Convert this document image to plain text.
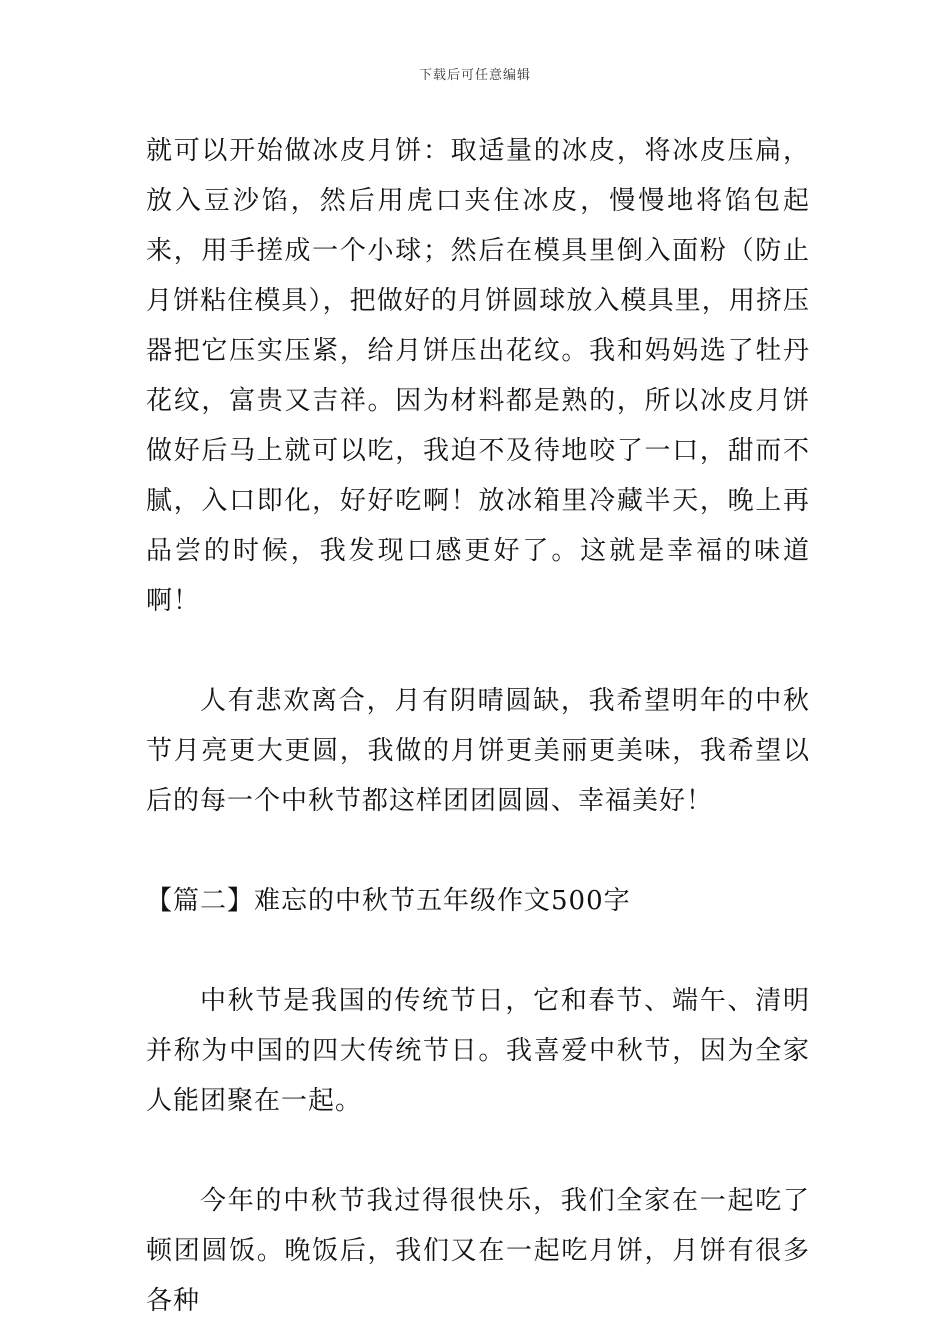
下载后可任意编辑

就可以开始做冰皮月饼：取适量的冰皮，将冰皮压扁，放入豆沙馅，然后用虎口夹住冰皮，慢慢地将馅包起来，用手搓成一个小球；然后在模具里倒入面粉（防止月饼粘住模具），把做好的月饼圆球放入模具里，用挤压器把它压实压紧，给月饼压出花纹。我和妈妈选了牡丹花纹，富贵又吉祥。因为材料都是熟的，所以冰皮月饼做好后马上就可以吃，我迫不及待地咬了一口，甜而不腻，入口即化，好好吃啊！放冰箱里冷藏半天，晚上再品尝的时候，我发现口感更好了。这就是幸福的味道啊！

人有悲欢离合，月有阴晴圆缺，我希望明年的中秋节月亮更大更圆，我做的月饼更美丽更美味，我希望以后的每一个中秋节都这样团团圆圆、幸福美好！

【篇二】难忘的中秋节五年级作文500字

中秋节是我国的传统节日，它和春节、端午、清明并称为中国的四大传统节日。我喜爱中秋节，因为全家人能团聚在一起。

今年的中秋节我过得很快乐，我们全家在一起吃了顿团圆饭。晚饭后，我们又在一起吃月饼，月饼有很多各种
